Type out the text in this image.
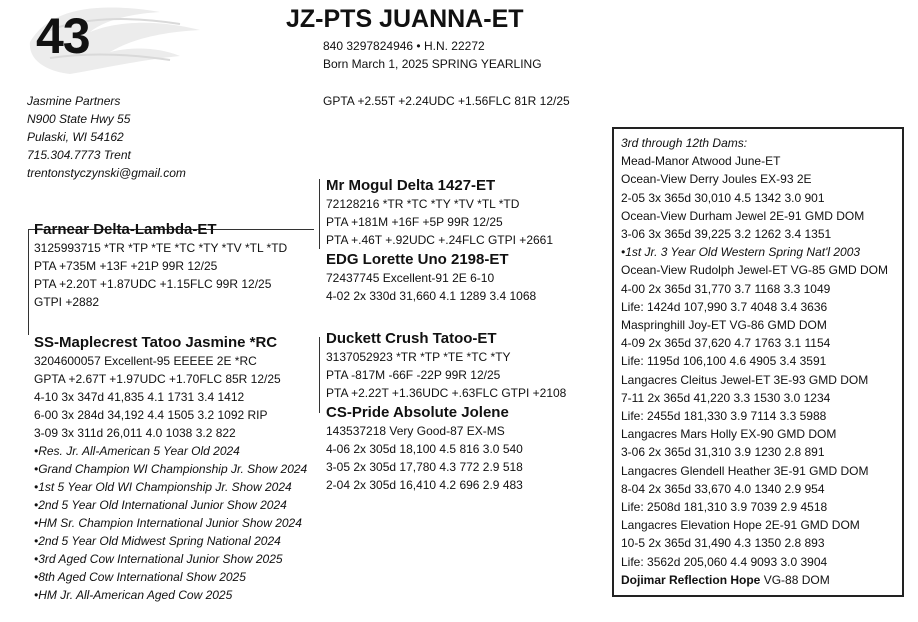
43	JZ-PTS JUANNA-ET
840 3297824946 • H.N. 22272
Born March 1, 2025 SPRING YEARLING
GPTA +2.55T +2.24UDC +1.56FLC 81R 12/25
Jasmine Partners
N900 State Hwy 55
Pulaski, WI 54162
715.304.7773 Trent
trentonstyczynski@gmail.com
Farnear Delta-Lambda-ET
3125993715 *TR *TP *TE *TC *TY *TV *TL *TD
PTA +735M +13F +21P 99R 12/25
PTA +2.20T +1.87UDC +1.15FLC 99R 12/25
GTPI +2882
Mr Mogul Delta 1427-ET
72128216 *TR *TC *TY *TV *TL *TD
PTA +181M +16F +5P 99R 12/25
PTA +.46T +.92UDC +.24FLC GTPI +2661
EDG Lorette Uno 2198-ET
72437745 Excellent-91 2E 6-10
4-02 2x 330d 31,660 4.1 1289 3.4 1068
SS-Maplecrest Tatoo Jasmine *RC
3204600057 Excellent-95 EEEEE 2E *RC
GPTA +2.67T +1.97UDC +1.70FLC 85R 12/25
4-10 3x 347d 41,835 4.1 1731 3.4 1412
6-00 3x 284d 34,192 4.4 1505 3.2 1092 RIP
3-09 3x 311d 26,011 4.0 1038 3.2 822
•Res. Jr. All-American 5 Year Old 2024
•Grand Champion WI Championship Jr. Show 2024
•1st 5 Year Old WI Championship Jr. Show 2024
•2nd 5 Year Old International Junior Show 2024
•HM Sr. Champion International Junior Show 2024
•2nd 5 Year Old Midwest Spring National 2024
•3rd Aged Cow International Junior Show 2025
•8th Aged Cow International Show 2025
•HM Jr. All-American Aged Cow 2025
Duckett Crush Tatoo-ET
3137052923 *TR *TP *TE *TC *TY
PTA -817M -66F -22P 99R 12/25
PTA +2.22T +1.36UDC +.63FLC GTPI +2108
CS-Pride Absolute Jolene
143537218 Very Good-87 EX-MS
4-06 2x 305d 18,100 4.5 816 3.0 540
3-05 2x 305d 17,780 4.3 772 2.9 518
2-04 2x 305d 16,410 4.2 696 2.9 483
3rd through 12th Dams:
Mead-Manor Atwood June-ET
Ocean-View Derry Joules EX-93 2E
2-05 3x 365d 30,010 4.5 1342 3.0 901
Ocean-View Durham Jewel 2E-91 GMD DOM
3-06 3x 365d 39,225 3.2 1262 3.4 1351
•1st Jr. 3 Year Old Western Spring Nat'l 2003
Ocean-View Rudolph Jewel-ET VG-85 GMD DOM
4-00 2x 365d 31,770 3.7 1168 3.3 1049
Life: 1424d 107,990 3.7 4048 3.4 3636
Maspringhill Joy-ET VG-86 GMD DOM
4-09 2x 365d 37,620 4.7 1763 3.1 1154
Life: 1195d 106,100 4.6 4905 3.4 3591
Langacres Cleitus Jewel-ET 3E-93 GMD DOM
7-11 2x 365d 41,220 3.3 1530 3.0 1234
Life: 2455d 181,330 3.9 7114 3.3 5988
Langacres Mars Holly EX-90 GMD DOM
3-06 2x 365d 31,310 3.9 1230 2.8 891
Langacres Glendell Heather 3E-91 GMD DOM
8-04 2x 365d 33,670 4.0 1340 2.9 954
Life: 2508d 181,310 3.9 7039 2.9 4518
Langacres Elevation Hope 2E-91 GMD DOM
10-5 2x 365d 31,490 4.3 1350 2.8 893
Life: 3562d 205,060 4.4 9093 3.0 3904
Dojimar Reflection Hope VG-88 DOM
